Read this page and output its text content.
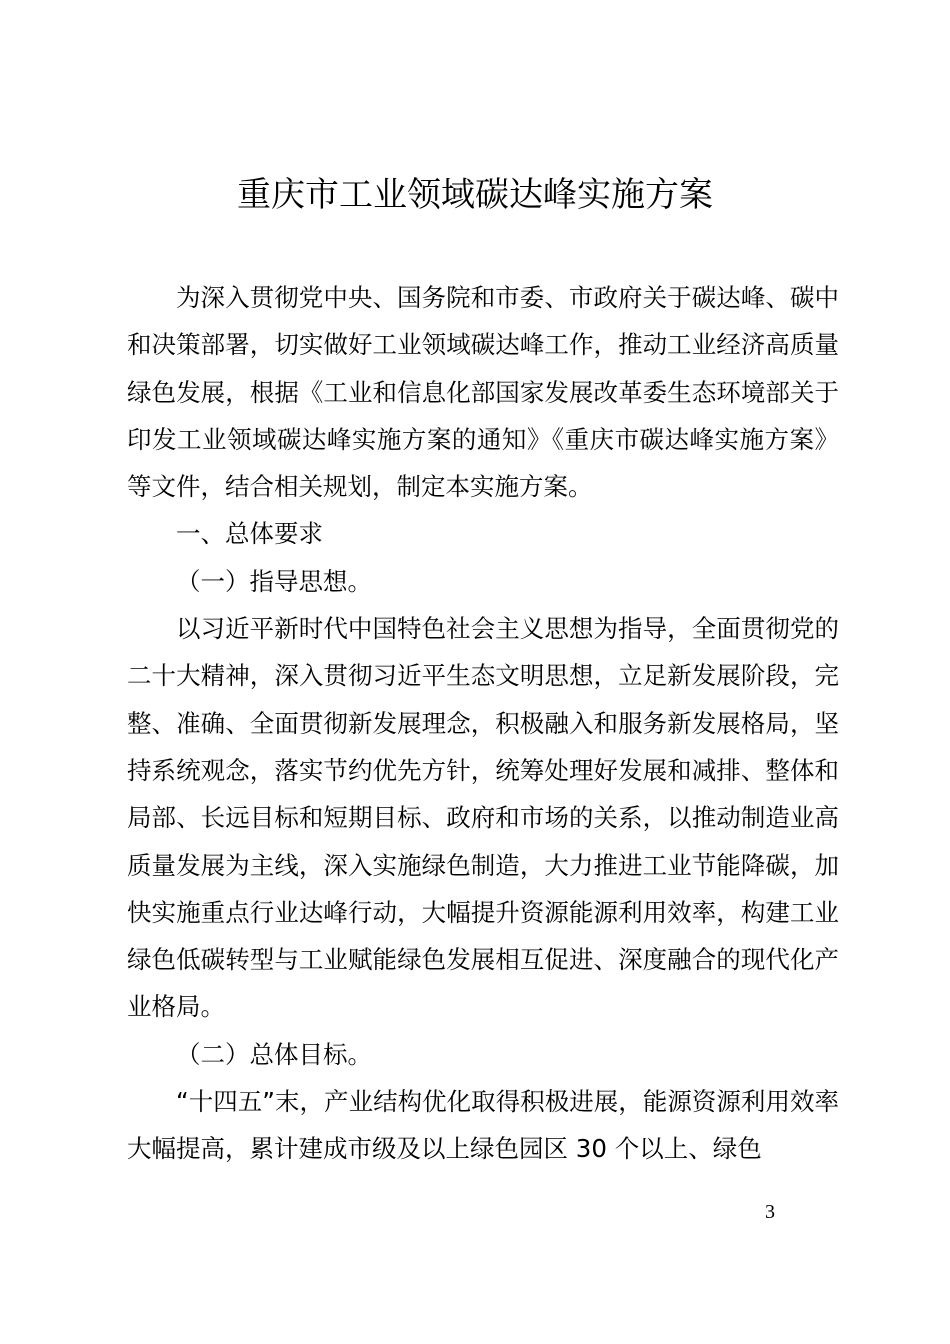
重庆市工业领域碳达峰实施方案

为深入贯彻党中央、国务院和市委、市政府关于碳达峰、碳中和决策部署，切实做好工业领域碳达峰工作，推动工业经济高质量绿色发展，根据《工业和信息化部国家发展改革委生态环境部关于印发工业领域碳达峰实施方案的通知》《重庆市碳达峰实施方案》等文件，结合相关规划，制定本实施方案。

一、总体要求

（一）指导思想。

以习近平新时代中国特色社会主义思想为指导，全面贯彻党的二十大精神，深入贯彻习近平生态文明思想，立足新发展阶段，完整、准确、全面贯彻新发展理念，积极融入和服务新发展格局，坚持系统观念，落实节约优先方针，统筹处理好发展和减排、整体和局部、长远目标和短期目标、政府和市场的关系，以推动制造业高质量发展为主线，深入实施绿色制造，大力推进工业节能降碳，加快实施重点行业达峰行动，大幅提升资源能源利用效率，构建工业绿色低碳转型与工业赋能绿色发展相互促进、深度融合的现代化产业格局。

（二）总体目标。

“十四五”末，产业结构优化取得积极进展，能源资源利用效率大幅提高，累计建成市级及以上绿色园区 30 个以上、绿色

3
